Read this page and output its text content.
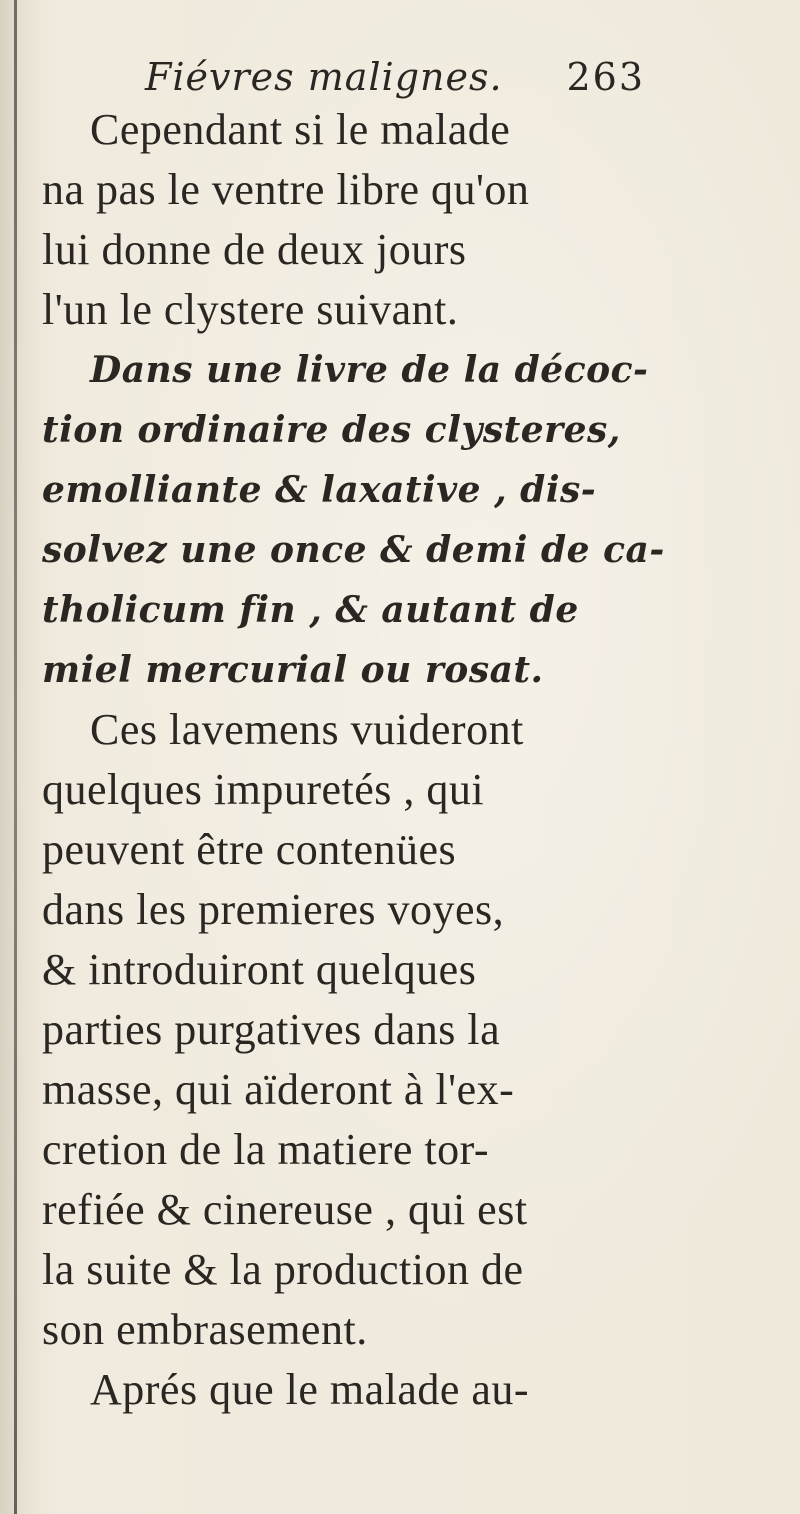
Fiévres malignes. 263
Cependant si le malade
na pas le ventre libre qu'on
lui donne de deux jours
l'un le clystere suivant.
Dans une livre de la décoc-
tion ordinaire des clysteres,
emolliante & laxative , dis-
solvez une once & demi de ca-
tholicum fin , & autant de
miel mercurial ou rosat.
Ces lavemens vuideront
quelques impuretés , qui
peuvent être contenües
dans les premieres voyes,
& introduiront quelques
parties purgatives dans la
masse, qui aïderont à l'ex-
cretion de la matiere tor-
refiée & cinereuse , qui est
la suite & la production de
son embrasement.
Aprés que le malade au-
